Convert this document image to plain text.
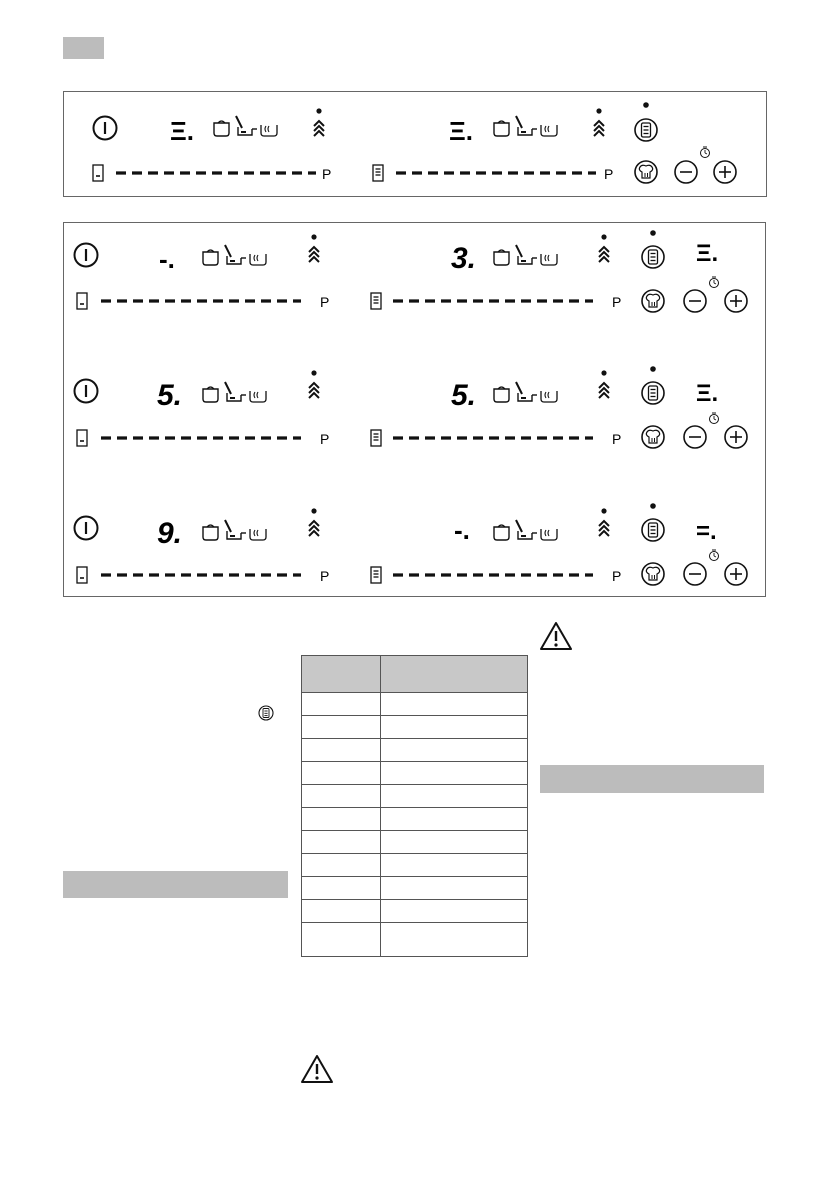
Ξ.	Ξ.
P	P
-.	3.	Ξ.
P	P
5.	5.	Ξ.
P	P
9.	-.	=.
P	P
